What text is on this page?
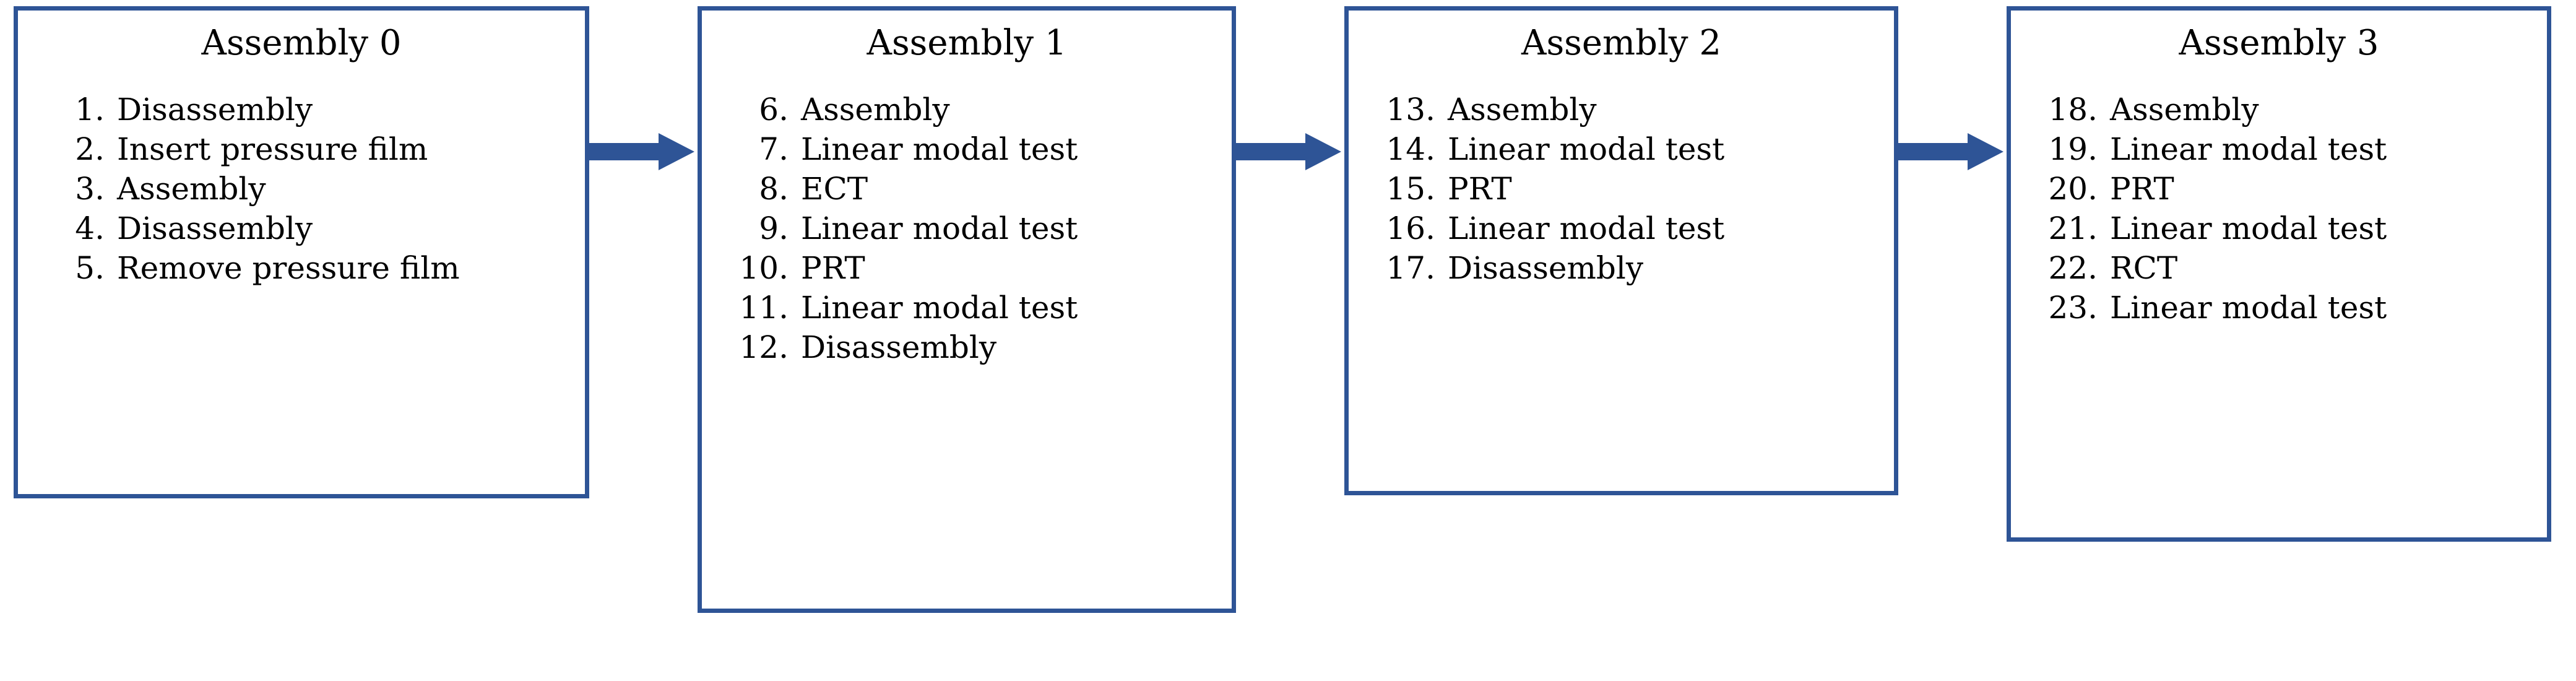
Assembly 0
1. Disassembly
2. Insert pressure film
3. Assembly
4. Disassembly
5. Remove pressure film
Assembly 1
6. Assembly
7. Linear modal test
8. ECT
9. Linear modal test
10. PRT
11. Linear modal test
12. Disassembly
Assembly 2
13. Assembly
14. Linear modal test
15. PRT
16. Linear modal test
17. Disassembly
Assembly 3
18. Assembly
19. Linear modal test
20. PRT
21. Linear modal test
22. RCT
23. Linear modal test
